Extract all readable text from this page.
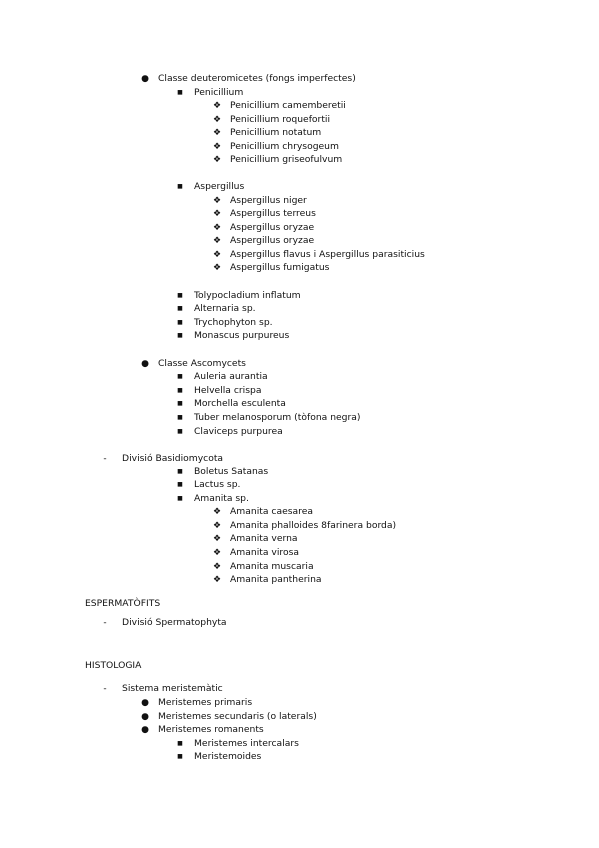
● Classe deuteromicetes (fongs imperfectes)
■ Penicillium
❖ Penicillium camemberetii
❖ Penicillium roquefortii
❖ Penicillium notatum
❖ Penicillium chrysogeum
❖ Penicillium griseofulvum
■ Aspergillus
❖ Aspergillus niger
❖ Aspergillus terreus
❖ Aspergillus oryzae
❖ Aspergillus oryzae
❖ Aspergillus flavus i Aspergillus parasiticius
❖ Aspergillus fumigatus
■ Tolypocladium inflatum
■ Alternaria sp.
■ Trychophyton sp.
■ Monascus purpureus
● Classe Ascomycets
■ Auleria aurantia
■ Helvella crispa
■ Morchella esculenta
■ Tuber melanosporum (tòfona negra)
■ Claviceps purpurea
-	Divisió Basidiomycota
■ Boletus Satanas
■ Lactus sp.
■ Amanita sp.
❖ Amanita caesarea
❖ Amanita phalloides 8farinera borda)
❖ Amanita verna
❖ Amanita virosa
❖ Amanita muscaria
❖ Amanita pantherina
ESPERMATÒFITS
-	Divisió Spermatophyta
HISTOLOGIA
-	Sistema meristemàtic
● Meristemes primaris
● Meristemes secundaris (o laterals)
● Meristemes romanents
■ Meristemes intercalars
■ Meristemoides
